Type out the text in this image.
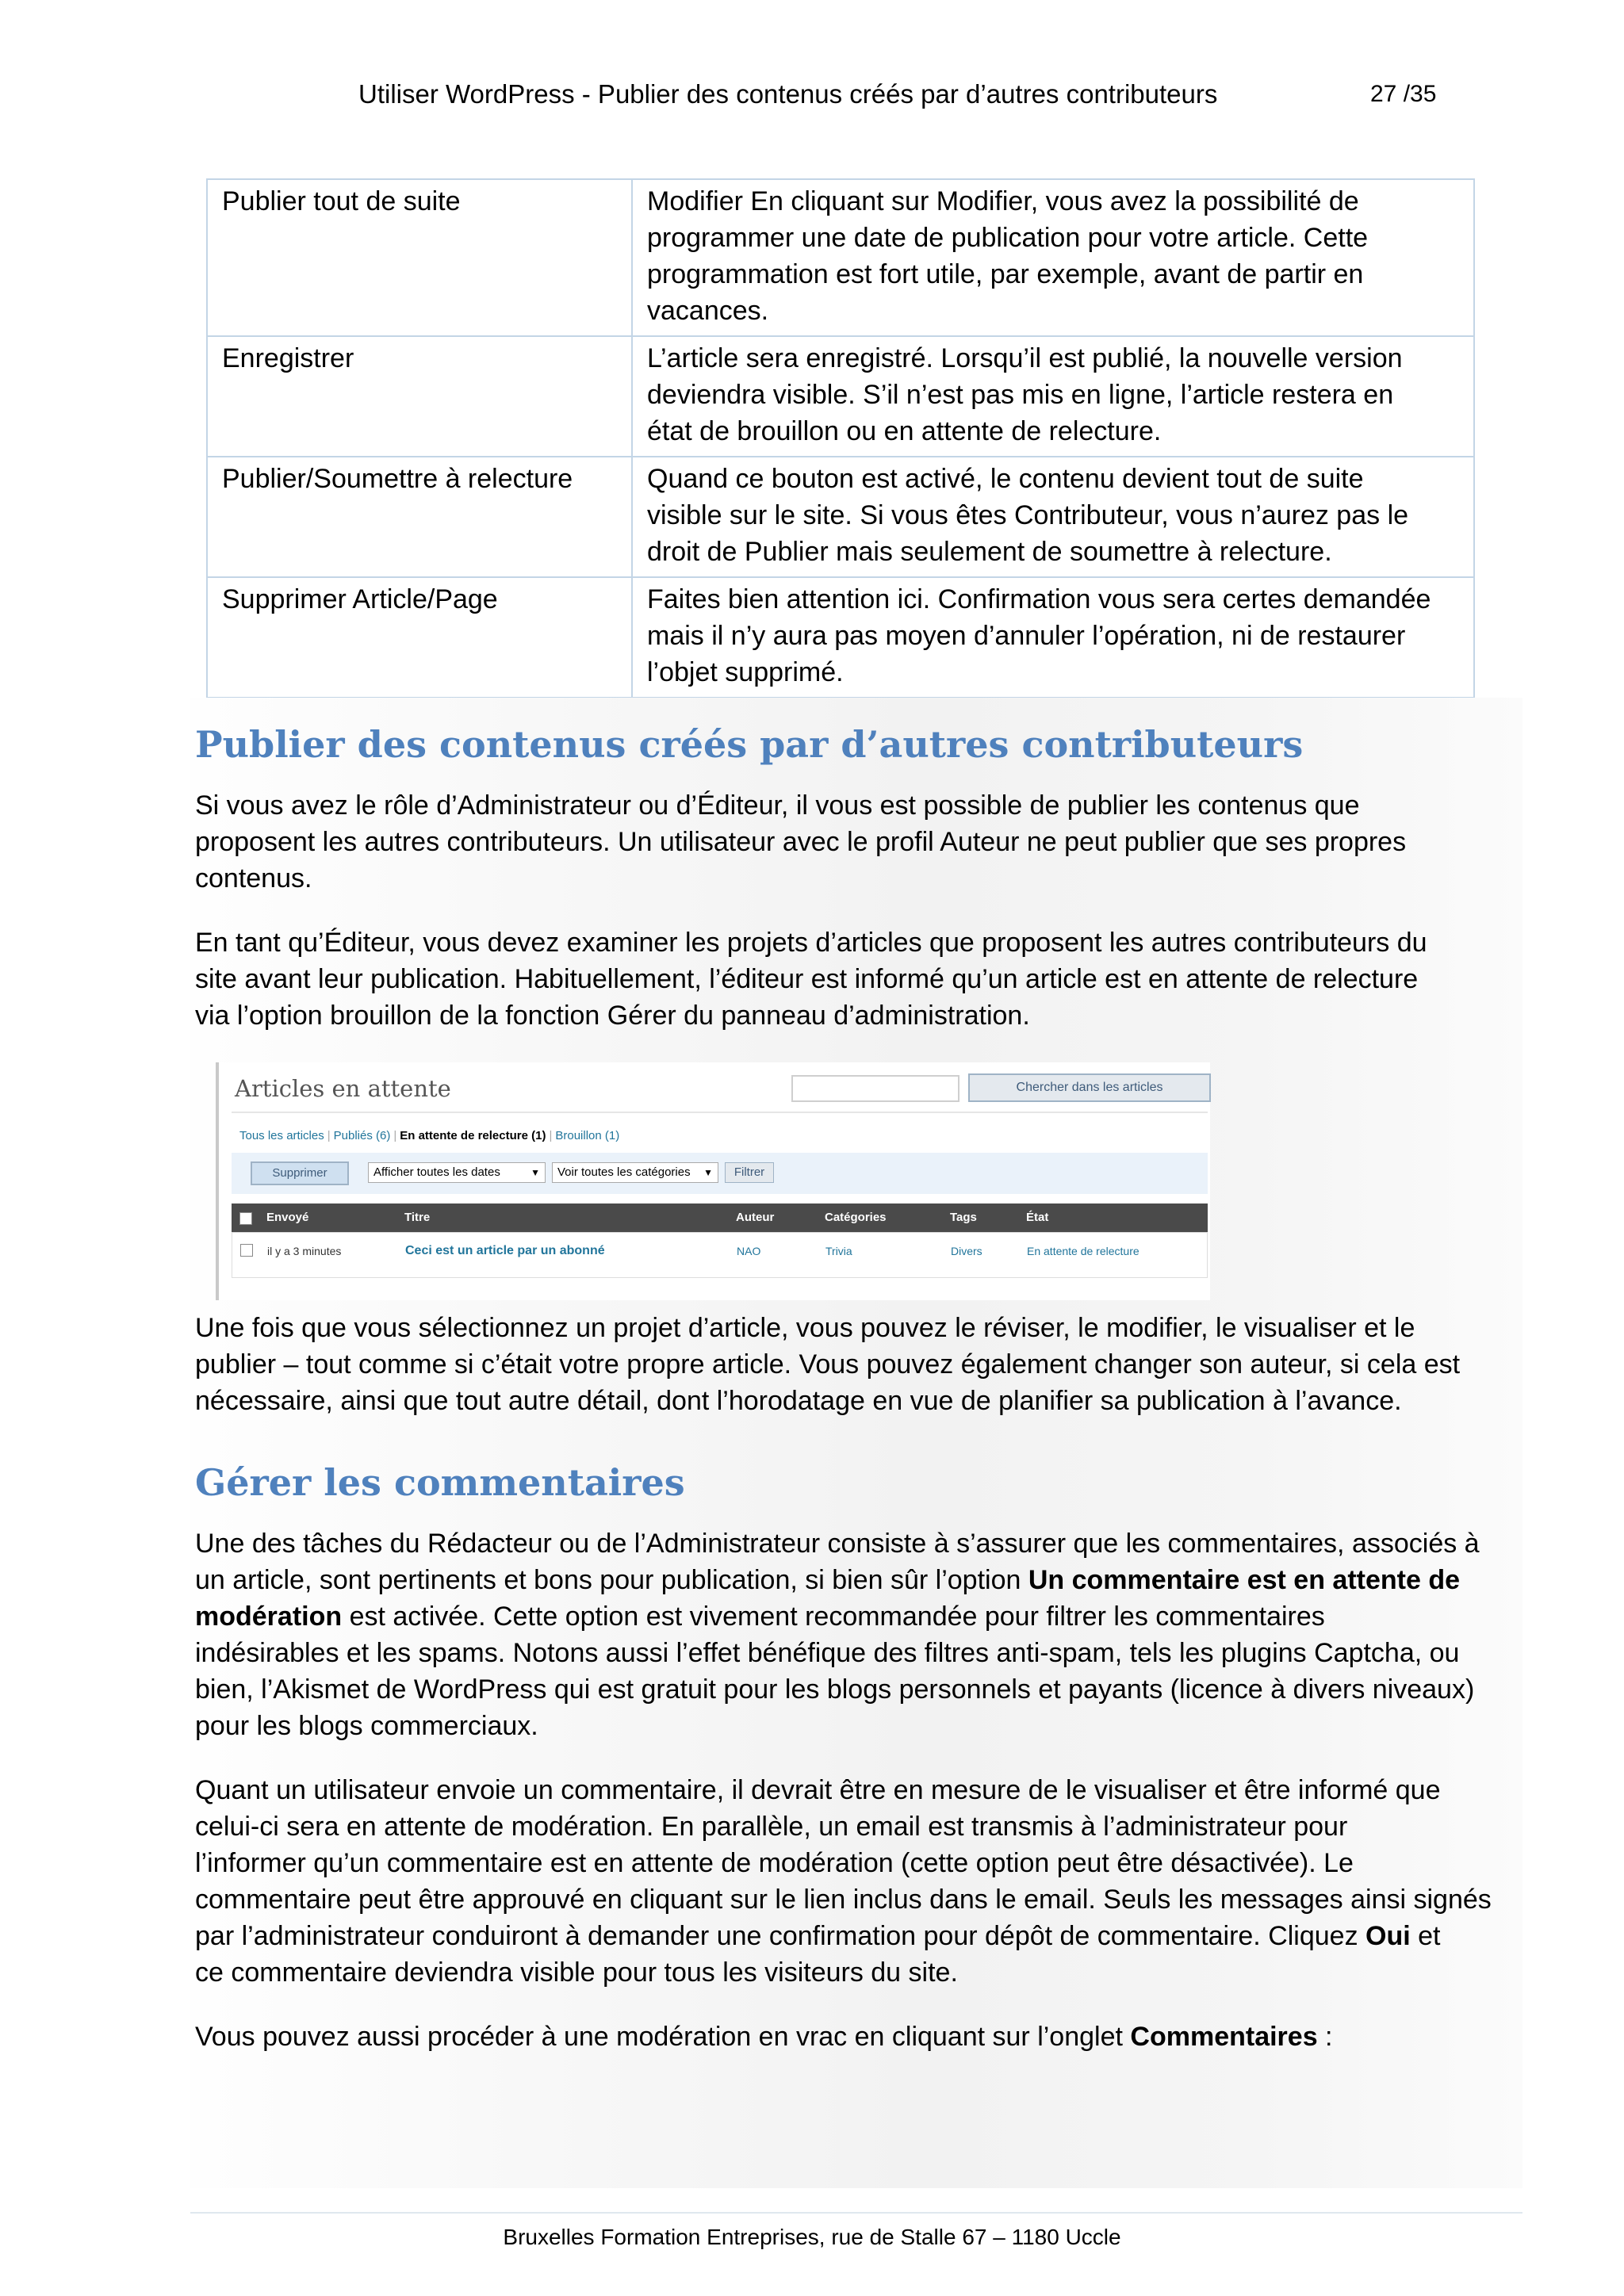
Utiliser WordPress - Publier des contenus créés par d’autres contributeurs	27 /35
Publier tout de suite	Modifier En cliquant sur Modifier, vous avez la possibilité de
programmer une date de publication pour votre article. Cette
programmation est fort utile, par exemple, avant de partir en
vacances.
Enregistrer	L’article sera enregistré. Lorsqu’il est publié, la nouvelle version
deviendra visible. S’il n’est pas mis en ligne, l’article restera en
état de brouillon ou en attente de relecture.
Publier/Soumettre à relecture	Quand ce bouton est activé, le contenu devient tout de suite
visible sur le site. Si vous êtes Contributeur, vous n’aurez pas le
droit de Publier mais seulement de soumettre à relecture.
Supprimer Article/Page	Faites bien attention ici. Confirmation vous sera certes demandée
mais il n’y aura pas moyen d’annuler l’opération, ni de restaurer
l’objet supprimé.
Publier des contenus créés par d’autres contributeurs

Si vous avez le rôle d’Administrateur ou d’Éditeur, il vous est possible de publier les contenus que
proposent les autres contributeurs. Un utilisateur avec le profil Auteur ne peut publier que ses propres
contenus.

En tant qu’Éditeur, vous devez examiner les projets d’articles que proposent les autres contributeurs du
site avant leur publication. Habituellement, l’éditeur est informé qu’un article est en attente de relecture
via l’option brouillon de la fonction Gérer du panneau d’administration.

Articles en attente	Chercher dans les articles
Tous les articles | Publiés (6) | En attente de relecture (1) | Brouillon (1)
Supprimer	Afficher toutes les dates	▼	Voir toutes les catégories ▼	Filtrer
Envoyé	Titre	Auteur	Catégories	Tags	État
il y a 3 minutes	Ceci est un article par un abonné	NAO	Trivia	Divers	En attente de relecture

Une fois que vous sélectionnez un projet d’article, vous pouvez le réviser, le modifier, le visualiser et le
publier – tout comme si c’était votre propre article. Vous pouvez également changer son auteur, si cela est
nécessaire, ainsi que tout autre détail, dont l’horodatage en vue de planifier sa publication à l’avance.

Gérer les commentaires

Une des tâches du Rédacteur ou de l’Administrateur consiste à s’assurer que les commentaires, associés à
un article, sont pertinents et bons pour publication, si bien sûr l’option Un commentaire est en attente de
modération est activée. Cette option est vivement recommandée pour filtrer les commentaires
indésirables et les spams. Notons aussi l’effet bénéfique des filtres anti-spam, tels les plugins Captcha, ou
bien, l’Akismet de WordPress qui est gratuit pour les blogs personnels et payants (licence à divers niveaux)
pour les blogs commerciaux.

Quant un utilisateur envoie un commentaire, il devrait être en mesure de le visualiser et être informé que
celui-ci sera en attente de modération. En parallèle, un email est transmis à l’administrateur pour
l’informer qu’un commentaire est en attente de modération (cette option peut être désactivée). Le
commentaire peut être approuvé en cliquant sur le lien inclus dans le email. Seuls les messages ainsi signés
par l’administrateur conduiront à demander une confirmation pour dépôt de commentaire. Cliquez Oui et
ce commentaire deviendra visible pour tous les visiteurs du site.

Vous pouvez aussi procéder à une modération en vrac en cliquant sur l’onglet Commentaires :

Bruxelles Formation Entreprises, rue de Stalle 67 – 1180 Uccle
